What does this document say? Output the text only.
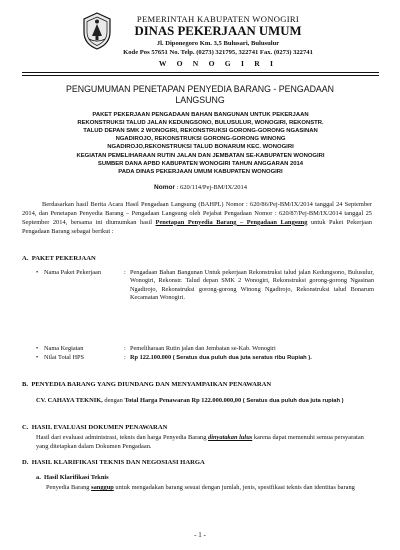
PEMERINTAH KABUPATEN WONOGIRI
DINAS PEKERJAAN UMUM
Jl. Diponegoro Km. 3,5 Bulusari, Bulusulur
Kode Pos 57651 No. Telp. (0273) 321795, 322741 Fax. (0273) 322741
W O N O G I R I
PENGUMUMAN PENETAPAN PENYEDIA BARANG - PENGADAAN
LANGSUNG
PAKET PEKERJAAN PENGADAAN BAHAN BANGUNAN UNTUK PEKERJAAN
REKONSTRUKSI TALUD JALAN KEDUNGSONO, BULUSULUR, WONOGIRI, REKONSTR.
TALUD DEPAN SMK 2 WONOGIRI, REKONSTRUKSI GORONG-GORONG NGASINAN
NGADIROJO, REKONSTRUKSI GORONG-GORONG WINONG
NGADIROJO,REKONSTRUKSI TALUD BONARUM KEC. WONOGIRI
KEGIATAN PEMELIHARAAN RUTIN JALAN DAN JEMBATAN SE-KABUPATEN WONOGIRI
SUMBER DANA APBD KABUPATEN WONOGIRI TAHUN ANGGARAN 2014
PADA DINAS PEKERJAAN UMUM KABUPATEN WONOGIRI
Nomor : 620/114/Pej-BM/IX/2014
Berdasarkan hasil Berita Acara Hasil Pengadaan Langsung (BAHPL) Nomor : 620/86/Pej-BM/IX/2014 tanggal 24 September 2014, dan Penetapan Penyedia Barang – Pengadaan Langsung oleh Pejabat Pengadaan Nomor : 620/87/Pej-BM/IX/2014 tanggal 25 September 2014, bersama ini diumumkan hasil Penetapan Penyedia Barang – Pengadaan Langsung untuk Paket Pekerjaan Pengadaan Barang sebagai berikut :
A. PAKET PEKERJAAN
• Nama Paket Pekerjaan	: Pengadaan Bahan Bangunan Untuk pekerjaan Rekonstruksi talud jalan Kedungsono, Bulusulur, Wonogiri, Rekonstr. Talud depan SMK 2 Wonogiri, Rekonstruksi gorong-gorong Ngasinan Ngadirojo, Rekonstruksi gorong-gorong Winong Ngadirojo, Rekonstruksi talud Bonarum Kecamatan Wonogiri.
• Nama Kegiatan	: Pemeliharaan Rutin jalan dan Jembatan se-Kab. Wonogiri
• Nilai Total HPS	: Rp 122.100.000 ( Seratus dua puluh dua juta seratus ribu Rupiah ).
B. PENYEDIA BARANG YANG DIUNDANG DAN MENYAMPAIKAN PENAWARAN
CV. CAHAYA TEKNIK, dengan Total Harga Penawaran Rp 122.000.000,00 ( Seratus dua puluh dua juta rupiah )
C. HASIL EVALUASI DOKUMEN PENAWARAN
Hasil dari evaluasi administrasi, teknis dan harga Penyedia Barang dinyatakan lulus karena dapat memenuhi semua persyaratan yang ditetapkan dalam Dokumen Pengadaan.
D. HASIL KLARIFIKASI TEKNIS DAN NEGOSIASI HARGA
a. Hasil Klarifikasi Teknis
Penyedia Barang sanggup untuk mengadakan barang sesuai dengan jumlah, jenis, spesifikasi teknis dan identitas barang
- 1 -
